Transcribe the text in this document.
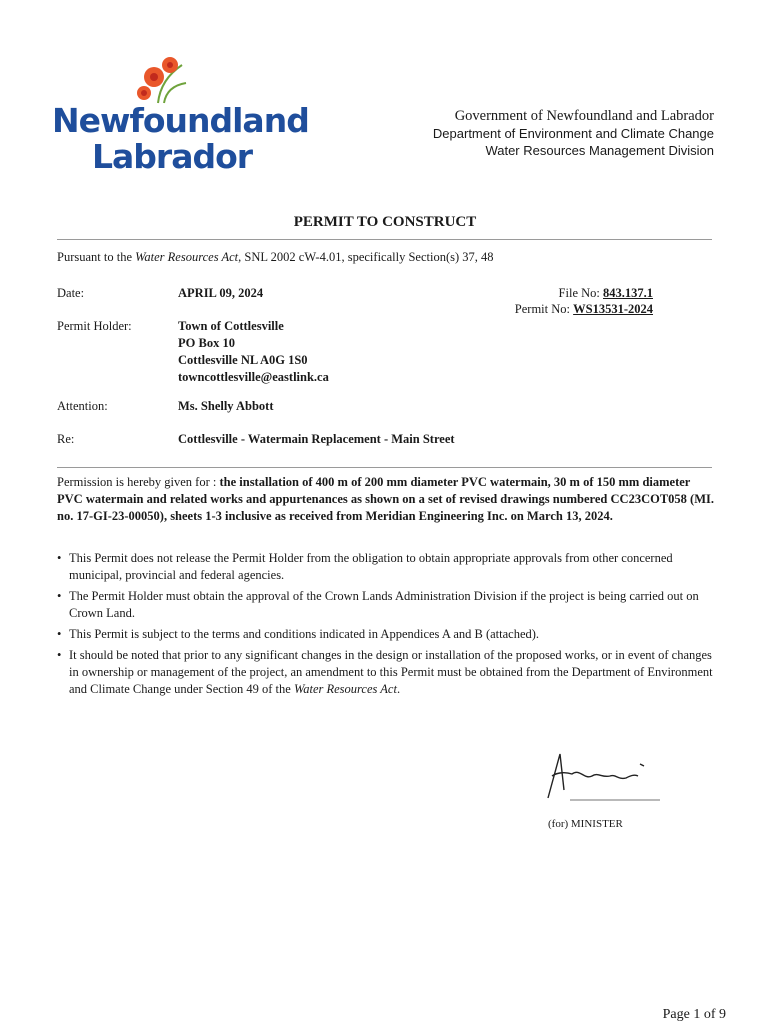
Newfoundland
Labrador
Government of Newfoundland and Labrador
Department of Environment and Climate Change
Water Resources Management Division
PERMIT TO CONSTRUCT
Pursuant to the Water Resources Act, SNL 2002 cW-4.01, specifically Section(s) 37, 48
Date:	APRIL 09, 2024	File No: 843.137.1
Permit No: WS13531-2024
Permit Holder:	Town of Cottlesville
PO Box 10
Cottlesville NL A0G 1S0
towncottlesville@eastlink.ca
Attention:	Ms. Shelly Abbott
Re:	Cottlesville - Watermain Replacement - Main Street
Permission is hereby given for : the installation of 400 m of 200 mm diameter PVC watermain, 30 m of 150 mm diameter PVC watermain and related works and appurtenances as shown on a set of revised drawings numbered CC23COT058 (MI. no. 17-GI-23-00050), sheets 1-3 inclusive as received from Meridian Engineering Inc. on March 13, 2024.
• This Permit does not release the Permit Holder from the obligation to obtain appropriate approvals from other concerned municipal, provincial and federal agencies.
• The Permit Holder must obtain the approval of the Crown Lands Administration Division if the project is being carried out on Crown Land.
• This Permit is subject to the terms and conditions indicated in Appendices A and B (attached).
• It should be noted that prior to any significant changes in the design or installation of the proposed works, or in event of changes in ownership or management of the project, an amendment to this Permit must be obtained from the Department of Environment and Climate Change under Section 49 of the Water Resources Act.
(for) MINISTER
Page 1 of 9
